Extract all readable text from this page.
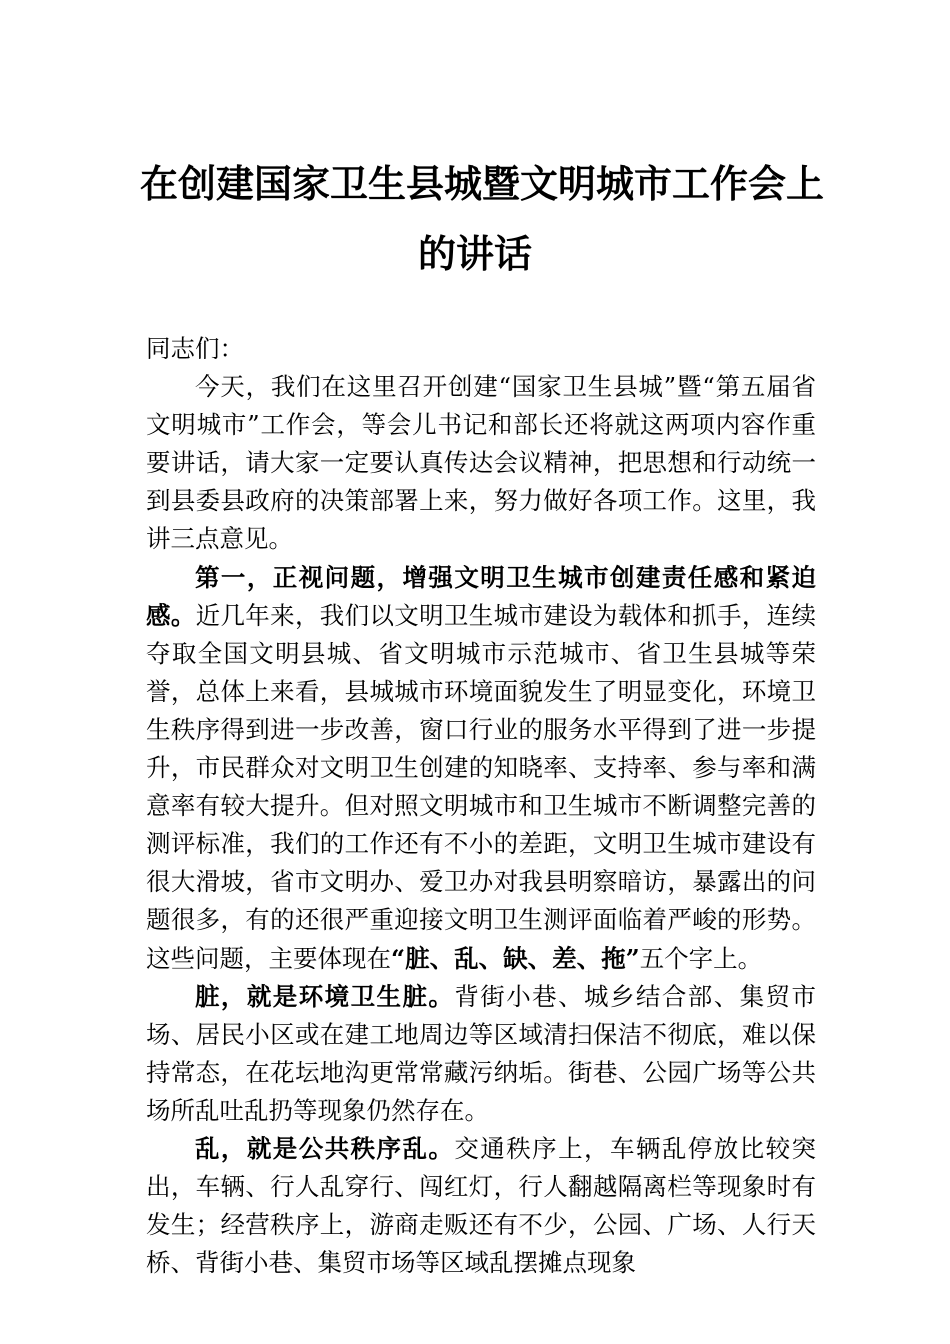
在创建国家卫生县城暨文明城市工作会上
的讲话

同志们：

今天，我们在这里召开创建“国家卫生县城”暨“第五届省文明城市”工作会，等会儿书记和部长还将就这两项内容作重要讲话，请大家一定要认真传达会议精神，把思想和行动统一到县委县政府的决策部署上来，努力做好各项工作。这里，我讲三点意见。

第一，正视问题，增强文明卫生城市创建责任感和紧迫感。近几年来，我们以文明卫生城市建设为载体和抓手，连续夺取全国文明县城、省文明城市示范城市、省卫生县城等荣誉，总体上来看，县城城市环境面貌发生了明显变化，环境卫生秩序得到进一步改善，窗口行业的服务水平得到了进一步提升，市民群众对文明卫生创建的知晓率、支持率、参与率和满意率有较大提升。但对照文明城市和卫生城市不断调整完善的测评标准，我们的工作还有不小的差距，文明卫生城市建设有很大滑坡，省市文明办、爱卫办对我县明察暗访，暴露出的问题很多，有的还很严重迎接文明卫生测评面临着严峻的形势。这些问题，主要体现在“脏、乱、缺、差、拖”五个字上。

脏，就是环境卫生脏。背街小巷、城乡结合部、集贸市场、居民小区或在建工地周边等区域清扫保洁不彻底，难以保持常态，在花坛地沟更常常藏污纳垢。街巷、公园广场等公共场所乱吐乱扔等现象仍然存在。

乱，就是公共秩序乱。交通秩序上，车辆乱停放比较突出，车辆、行人乱穿行、闯红灯，行人翻越隔离栏等现象时有发生；经营秩序上，游商走贩还有不少，公园、广场、人行天桥、背街小巷、集贸市场等区域乱摆摊点现象
